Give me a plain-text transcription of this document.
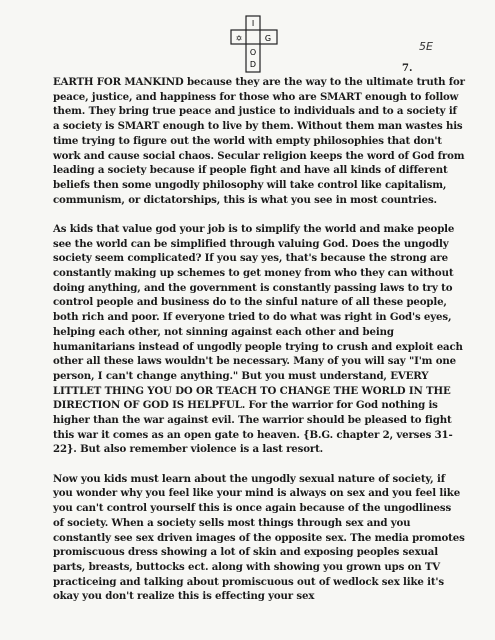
I
G
✡
O
D
5E
7.

EARTH FOR MANKIND because they are the way to the ultimate truth for peace, justice, and happiness for those who are SMART enough to follow them. They bring true peace and justice to individuals and to a society if a society is SMART enough to live by them. Without them man wastes his time trying to figure out the world with empty philosophies that don't work and cause social chaos. Secular religion keeps the word of God from leading a society because if people fight and have all kinds of different beliefs then some ungodly philosophy will take control like capitalism, communism, or dictatorships, this is what you see in most countries.

As kids that value god your job is to simplify the world and make people see the world can be simplified through valuing God. Does the ungodly society seem complicated? If you say yes, that's because the strong are constantly making up schemes to get money from who they can without doing anything, and the government is constantly passing laws to try to control people and business do to the sinful nature of all these people, both rich and poor. If everyone tried to do what was right in God's eyes, helping each other, not sinning against each other and being humanitarians instead of ungodly people trying to crush and exploit each other all these laws wouldn't be necessary. Many of you will say "I'm one person, I can't change anything." But you must understand, EVERY LITTLET THING YOU DO OR TEACH TO CHANGE THE WORLD IN THE DIRECTION OF GOD IS HELPFUL. For the warrior for God nothing is higher than the war against evil. The warrior should be pleased to fight this war it comes as an open gate to heaven. {B.G. chapter 2, verses 31-22}. But also remember violence is a last resort.

Now you kids must learn about the ungodly sexual nature of society, if you wonder why you feel like your mind is always on sex and you feel like you can't control yourself this is once again because of the ungodliness of society. When a society sells most things through sex and you constantly see sex driven images of the opposite sex. The media promotes promiscuous dress showing a lot of skin and exposing peoples sexual parts, breasts, buttocks ect. along with showing you grown ups on TV practiceing and talking about promiscuous out of wedlock sex like it's okay you don't realize this is effecting your sex
